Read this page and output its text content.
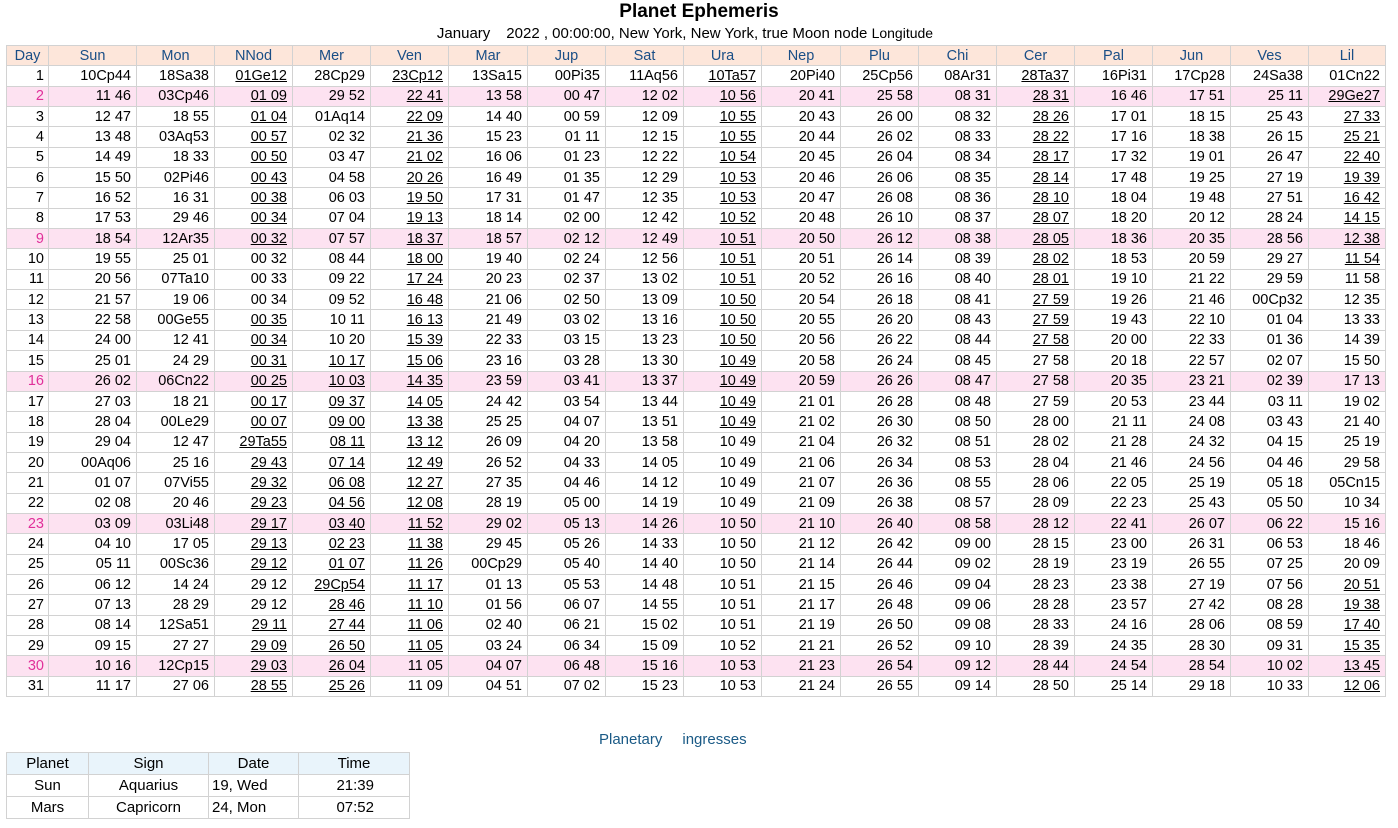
Planet Ephemeris
January 2022 , 00:00:00, New York, New York, true Moon node Longitude
Day	Sun	Mon	NNod	Mer	Ven	Mar	Jup	Sat	Ura	Nep	Plu	Chi	Cer	Pal	Jun	Ves	Lil
1	10Cp44	18Sa38	01Ge12	28Cp29	23Cp12	13Sa15	00Pi35	11Aq56	10Ta57	20Pi40	25Cp56	08Ar31	28Ta37	16Pi31	17Cp28	24Sa38	01Cn22
2	11 46	03Cp46	01 09	29 52	22 41	13 58	00 47	12 02	10 56	20 41	25 58	08 31	28 31	16 46	17 51	25 11	29Ge27
3	12 47	18 55	01 04	01Aq14	22 09	14 40	00 59	12 09	10 55	20 43	26 00	08 32	28 26	17 01	18 15	25 43	27 33
4	13 48	03Aq53	00 57	02 32	21 36	15 23	01 11	12 15	10 55	20 44	26 02	08 33	28 22	17 16	18 38	26 15	25 21
5	14 49	18 33	00 50	03 47	21 02	16 06	01 23	12 22	10 54	20 45	26 04	08 34	28 17	17 32	19 01	26 47	22 40
6	15 50	02Pi46	00 43	04 58	20 26	16 49	01 35	12 29	10 53	20 46	26 06	08 35	28 14	17 48	19 25	27 19	19 39
7	16 52	16 31	00 38	06 03	19 50	17 31	01 47	12 35	10 53	20 47	26 08	08 36	28 10	18 04	19 48	27 51	16 42
8	17 53	29 46	00 34	07 04	19 13	18 14	02 00	12 42	10 52	20 48	26 10	08 37	28 07	18 20	20 12	28 24	14 15
9	18 54	12Ar35	00 32	07 57	18 37	18 57	02 12	12 49	10 51	20 50	26 12	08 38	28 05	18 36	20 35	28 56	12 38
10	19 55	25 01	00 32	08 44	18 00	19 40	02 24	12 56	10 51	20 51	26 14	08 39	28 02	18 53	20 59	29 27	11 54
11	20 56	07Ta10	00 33	09 22	17 24	20 23	02 37	13 02	10 51	20 52	26 16	08 40	28 01	19 10	21 22	29 59	11 58
12	21 57	19 06	00 34	09 52	16 48	21 06	02 50	13 09	10 50	20 54	26 18	08 41	27 59	19 26	21 46	00Cp32	12 35
13	22 58	00Ge55	00 35	10 11	16 13	21 49	03 02	13 16	10 50	20 55	26 20	08 43	27 59	19 43	22 10	01 04	13 33
14	24 00	12 41	00 34	10 20	15 39	22 33	03 15	13 23	10 50	20 56	26 22	08 44	27 58	20 00	22 33	01 36	14 39
15	25 01	24 29	00 31	10 17	15 06	23 16	03 28	13 30	10 49	20 58	26 24	08 45	27 58	20 18	22 57	02 07	15 50
16	26 02	06Cn22	00 25	10 03	14 35	23 59	03 41	13 37	10 49	20 59	26 26	08 47	27 58	20 35	23 21	02 39	17 13
17	27 03	18 21	00 17	09 37	14 05	24 42	03 54	13 44	10 49	21 01	26 28	08 48	27 59	20 53	23 44	03 11	19 02
18	28 04	00Le29	00 07	09 00	13 38	25 25	04 07	13 51	10 49	21 02	26 30	08 50	28 00	21 11	24 08	03 43	21 40
19	29 04	12 47	29Ta55	08 11	13 12	26 09	04 20	13 58	10 49	21 04	26 32	08 51	28 02	21 28	24 32	04 15	25 19
20	00Aq06	25 16	29 43	07 14	12 49	26 52	04 33	14 05	10 49	21 06	26 34	08 53	28 04	21 46	24 56	04 46	29 58
21	01 07	07Vi55	29 32	06 08	12 27	27 35	04 46	14 12	10 49	21 07	26 36	08 55	28 06	22 05	25 19	05 18	05Cn15
22	02 08	20 46	29 23	04 56	12 08	28 19	05 00	14 19	10 49	21 09	26 38	08 57	28 09	22 23	25 43	05 50	10 34
23	03 09	03Li48	29 17	03 40	11 52	29 02	05 13	14 26	10 50	21 10	26 40	08 58	28 12	22 41	26 07	06 22	15 16
24	04 10	17 05	29 13	02 23	11 38	29 45	05 26	14 33	10 50	21 12	26 42	09 00	28 15	23 00	26 31	06 53	18 46
25	05 11	00Sc36	29 12	01 07	11 26	00Cp29	05 40	14 40	10 50	21 14	26 44	09 02	28 19	23 19	26 55	07 25	20 09
26	06 12	14 24	29 12	29Cp54	11 17	01 13	05 53	14 48	10 51	21 15	26 46	09 04	28 23	23 38	27 19	07 56	20 51
27	07 13	28 29	29 12	28 46	11 10	01 56	06 07	14 55	10 51	21 17	26 48	09 06	28 28	23 57	27 42	08 28	19 38
28	08 14	12Sa51	29 11	27 44	11 06	02 40	06 21	15 02	10 51	21 19	26 50	09 08	28 33	24 16	28 06	08 59	17 40
29	09 15	27 27	29 09	26 50	11 05	03 24	06 34	15 09	10 52	21 21	26 52	09 10	28 39	24 35	28 30	09 31	15 35
30	10 16	12Cp15	29 03	26 04	11 05	04 07	06 48	15 16	10 53	21 23	26 54	09 12	28 44	24 54	28 54	10 02	13 45
31	11 17	27 06	28 55	25 26	11 09	04 51	07 02	15 23	10 53	21 24	26 55	09 14	28 50	25 14	29 18	10 33	12 06
Planetary ingresses
Planet	Sign	Date	Time
Sun	Aquarius	19, Wed	21:39
Mars	Capricorn	24, Mon	07:52
